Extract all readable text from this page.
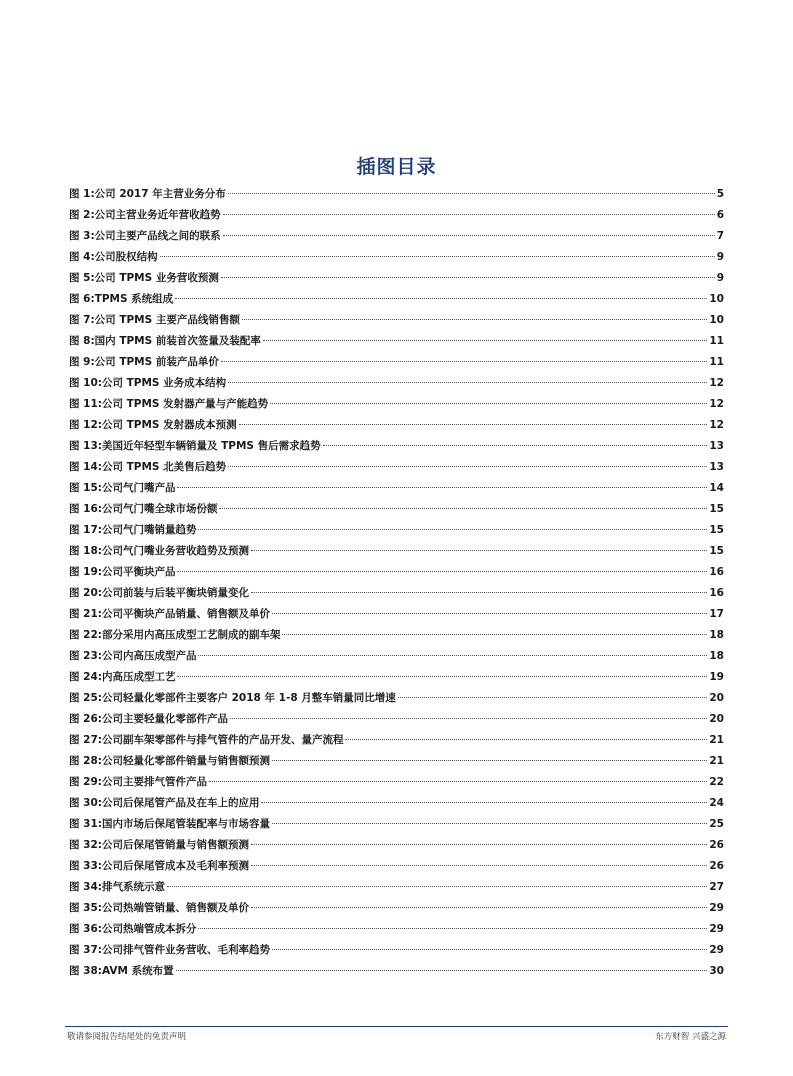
插图目录
图 1:公司 2017 年主营业务分布	5
图 2:公司主营业务近年营收趋势	6
图 3:公司主要产品线之间的联系	7
图 4:公司股权结构	9
图 5:公司 TPMS 业务营收预测	9
图 6:TPMS 系统组成	10
图 7:公司 TPMS 主要产品线销售额	10
图 8:国内 TPMS 前装首次签量及装配率	11
图 9:公司 TPMS 前装产品单价	11
图 10:公司 TPMS 业务成本结构	12
图 11:公司 TPMS 发射器产量与产能趋势	12
图 12:公司 TPMS 发射器成本预测	12
图 13:美国近年轻型车辆销量及 TPMS 售后需求趋势	13
图 14:公司 TPMS 北美售后趋势	13
图 15:公司气门嘴产品	14
图 16:公司气门嘴全球市场份额	15
图 17:公司气门嘴销量趋势	15
图 18:公司气门嘴业务营收趋势及预测	15
图 19:公司平衡块产品	16
图 20:公司前装与后装平衡块销量变化	16
图 21:公司平衡块产品销量、销售额及单价	17
图 22:部分采用内高压成型工艺制成的副车架	18
图 23:公司内高压成型产品	18
图 24:内高压成型工艺	19
图 25:公司轻量化零部件主要客户 2018 年 1-8 月整车销量同比增速	20
图 26:公司主要轻量化零部件产品	20
图 27:公司副车架零部件与排气管件的产品开发、量产流程	21
图 28:公司轻量化零部件销量与销售额预测	21
图 29:公司主要排气管件产品	22
图 30:公司后保尾管产品及在车上的应用	24
图 31:国内市场后保尾管装配率与市场容量	25
图 32:公司后保尾管销量与销售额预测	26
图 33:公司后保尾管成本及毛利率预测	26
图 34:排气系统示意	27
图 35:公司热端管销量、销售额及单价	29
图 36:公司热端管成本拆分	29
图 37:公司排气管件业务营收、毛利率趋势	29
图 38:AVM 系统布置	30
敬请参阅报告结尾处的免责声明	东方财智 兴盛之源
